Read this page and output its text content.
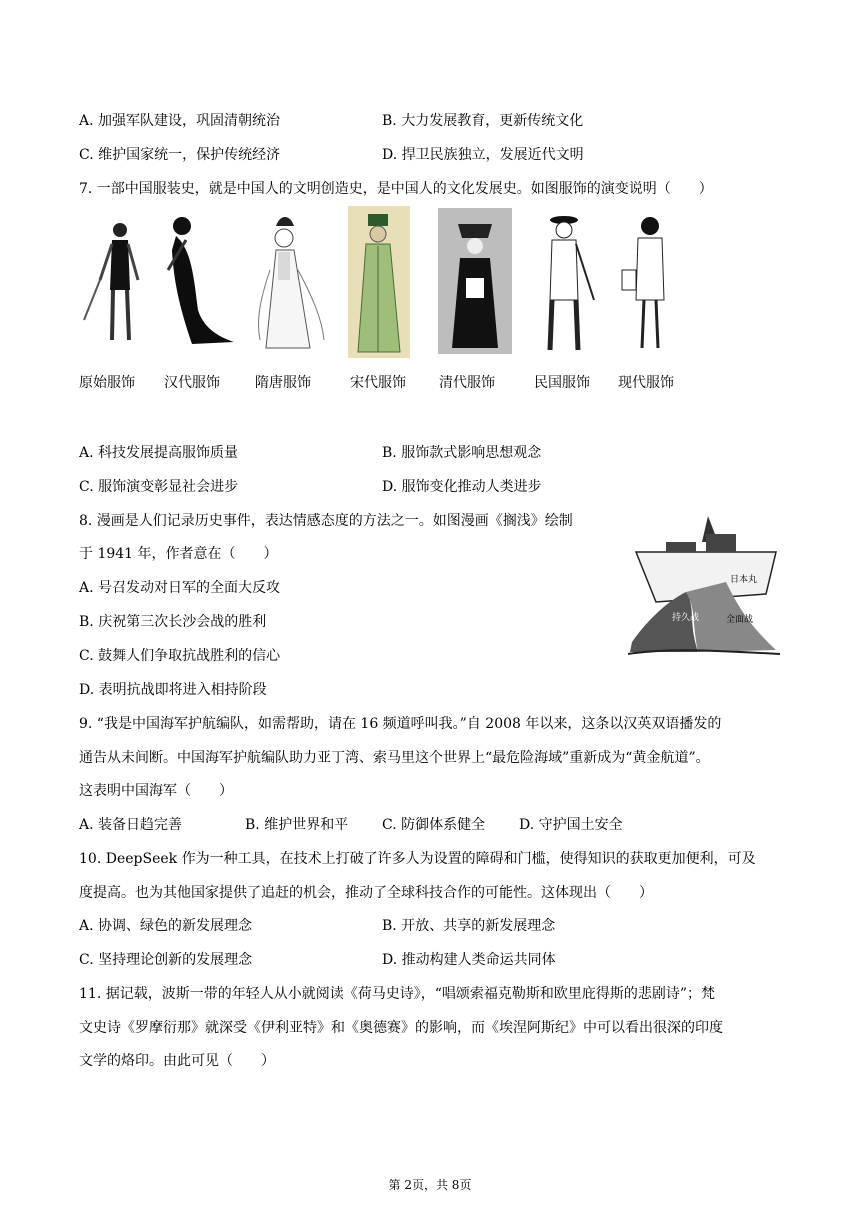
A. 加强军队建设，巩固清朝统治	B. 大力发展教育，更新传统文化
C. 维护国家统一，保护传统经济	D. 捍卫民族独立，发展近代文明
7. 一部中国服装史，就是中国人的文明创造史，是中国人的文化发展史。如图服饰的演变说明（　　）
原始服饰 汉代服饰	隋唐服饰	宋代服饰 清代服饰	民国服饰 现代服饰
A. 科技发展提高服饰质量	B. 服饰款式影响思想观念
C. 服饰演变彰显社会进步	D. 服饰变化推动人类进步
8. 漫画是人们记录历史事件，表达情感态度的方法之一。如图漫画《搁浅》绘制
于 1941 年，作者意在（　　）
日本丸
持久战	全面战
A. 号召发动对日军的全面大反攻
B. 庆祝第三次长沙会战的胜利
C. 鼓舞人们争取抗战胜利的信心
D. 表明抗战即将进入相持阶段
9. “我是中国海军护航编队，如需帮助，请在 16 频道呼叫我。”自 2008 年以来，这条以汉英双语播发的
通告从未间断。中国海军护航编队助力亚丁湾、索马里这个世界上“最危险海域”重新成为“黄金航道”。
这表明中国海军（　　）
A. 装备日趋完善	B. 维护世界和平 C. 防御体系健全 D. 守护国土安全
10. DeepSeek 作为一种工具，在技术上打破了许多人为设置的障碍和门槛，使得知识的获取更加便利，可及
度提高。也为其他国家提供了追赶的机会，推动了全球科技合作的可能性。这体现出（　　）
A. 协调、绿色的新发展理念	B. 开放、共享的新发展理念
C. 坚持理论创新的发展理念	D. 推动构建人类命运共同体
11. 据记载，波斯一带的年轻人从小就阅读《荷马史诗》，“唱颂索福克勒斯和欧里庇得斯的悲剧诗”；梵
文史诗《罗摩衍那》就深受《伊利亚特》和《奥德赛》的影响，而《埃涅阿斯纪》中可以看出很深的印度
文学的烙印。由此可见（　　）
第 2页，共 8页
